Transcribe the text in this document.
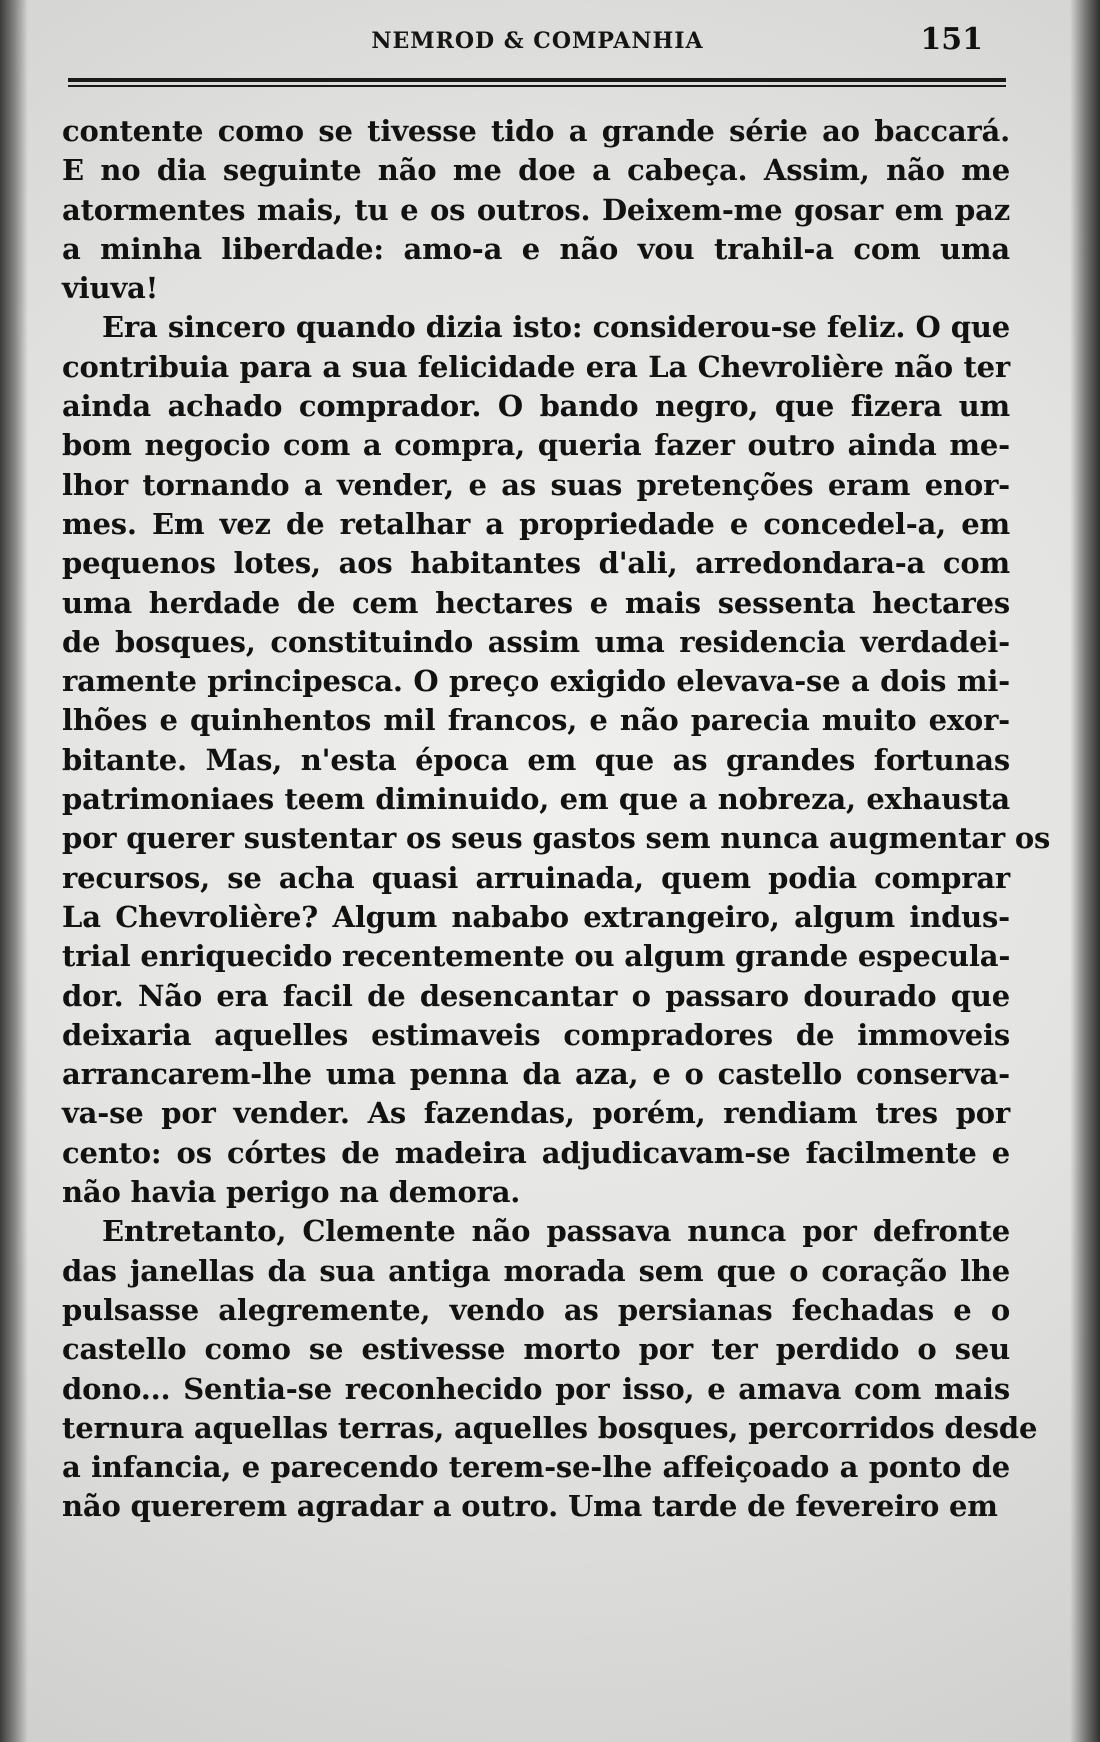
NEMROD & COMPANHIA	151
contente como se tivesse tido a grande série ao baccará.
E no dia seguinte não me doe a cabeça. Assim, não me
atormentes mais, tu e os outros. Deixem-me gosar em paz
a minha liberdade: amo-a e não vou trahil-a com uma
viuva!
Era sincero quando dizia isto: considerou-se feliz. O que
contribuia para a sua felicidade era La Chevrolière não ter
ainda achado comprador. O bando negro, que fizera um
bom negocio com a compra, queria fazer outro ainda me-
lhor tornando a vender, e as suas pretenções eram enor-
mes. Em vez de retalhar a propriedade e concedel-a, em
pequenos lotes, aos habitantes d'ali, arredondara-a com
uma herdade de cem hectares e mais sessenta hectares
de bosques, constituindo assim uma residencia verdadei-
ramente principesca. O preço exigido elevava-se a dois mi-
lhões e quinhentos mil francos, e não parecia muito exor-
bitante. Mas, n'esta época em que as grandes fortunas
patrimoniaes teem diminuido, em que a nobreza, exhausta
por querer sustentar os seus gastos sem nunca augmentar os
recursos, se acha quasi arruinada, quem podia comprar
La Chevrolière? Algum nababo extrangeiro, algum indus-
trial enriquecido recentemente ou algum grande especula-
dor. Não era facil de desencantar o passaro dourado que
deixaria aquelles estimaveis compradores de immoveis
arrancarem-lhe uma penna da aza, e o castello conserva-
va-se por vender. As fazendas, porém, rendiam tres por
cento: os córtes de madeira adjudicavam-se facilmente e
não havia perigo na demora.
Entretanto, Clemente não passava nunca por defronte
das janellas da sua antiga morada sem que o coração lhe
pulsasse alegremente, vendo as persianas fechadas e o
castello como se estivesse morto por ter perdido o seu
dono... Sentia-se reconhecido por isso, e amava com mais
ternura aquellas terras, aquelles bosques, percorridos desde
a infancia, e parecendo terem-se-lhe affeiçoado a ponto de
não quererem agradar a outro. Uma tarde de fevereiro em
